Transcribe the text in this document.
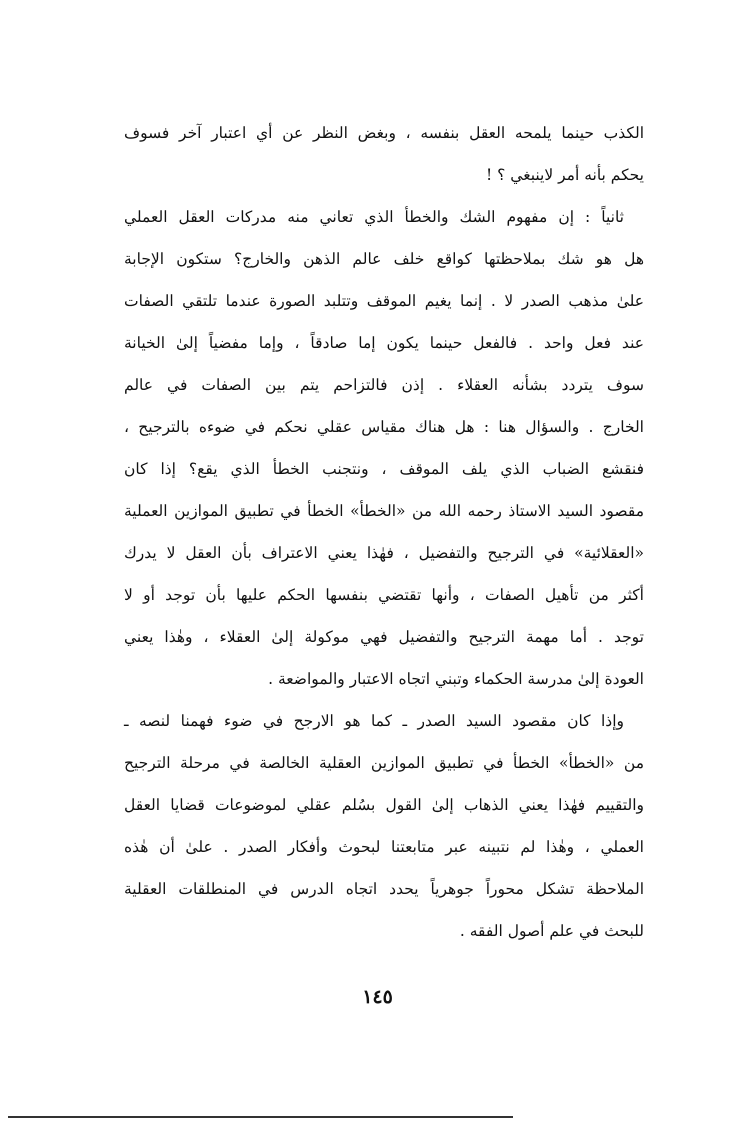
الكذب حينما يلمحه العقل بنفسه ، وبغض النظر عن أي اعتبار آخر فسوف
يحكم بأنه أمر لاينبغي ؟ !
ثانياً : إن مفهوم الشك والخطأ الذي تعاني منه مدركات العقل العملي
هل هو شك بملاحظتها كواقع خلف عالم الذهن والخارج؟ ستكون الإجابة
علىٰ مذهب الصدر لا . إنما يغيم الموقف وتتلبد الصورة عندما تلتقي الصفات
عند فعل واحد . فالفعل حينما يكون إما صادقاً ، وإما مفضياً إلىٰ الخيانة
سوف يتردد بشأنه العقلاء . إذن فالتزاحم يتم بين الصفات في عالم
الخارج . والسؤال هنا : هل هناك مقياس عقلي نحكم في ضوءه بالترجيح ،
فنقشع الضباب الذي يلف الموقف ، ونتجنب الخطأ الذي يقع؟ إذا كان
مقصود السيد الاستاذ رحمه الله من «الخطأ» الخطأ في تطبيق الموازين العملية
«العقلائية» في الترجيح والتفضيل ، فهٰذا يعني الاعتراف بأن العقل لا يدرك
أكثر من تأهيل الصفات ، وأنها تقتضي بنفسها الحكم عليها بأن توجد أو لا
توجد . أما مهمة الترجيح والتفضيل فهي موكولة إلىٰ العقلاء ، وهٰذا يعني
العودة إلىٰ مدرسة الحكماء وتبني اتجاه الاعتبار والمواضعة .
وإذا كان مقصود السيد الصدر ـ كما هو الارجح في ضوء فهمنا لنصه ـ
من «الخطأ» الخطأ في تطبيق الموازين العقلية الخالصة في مرحلة الترجيح
والتقييم فهٰذا يعني الذهاب إلىٰ القول بسُلم عقلي لموضوعات قضايا العقل
العملي ، وهٰذا لم نتبينه عبر متابعتنا لبحوث وأفكار الصدر . علىٰ أن هٰذه
الملاحظة تشكل محوراً جوهرياً يحدد اتجاه الدرس في المنطلقات العقلية
للبحث في علم أصول الفقه .
١٤٥
